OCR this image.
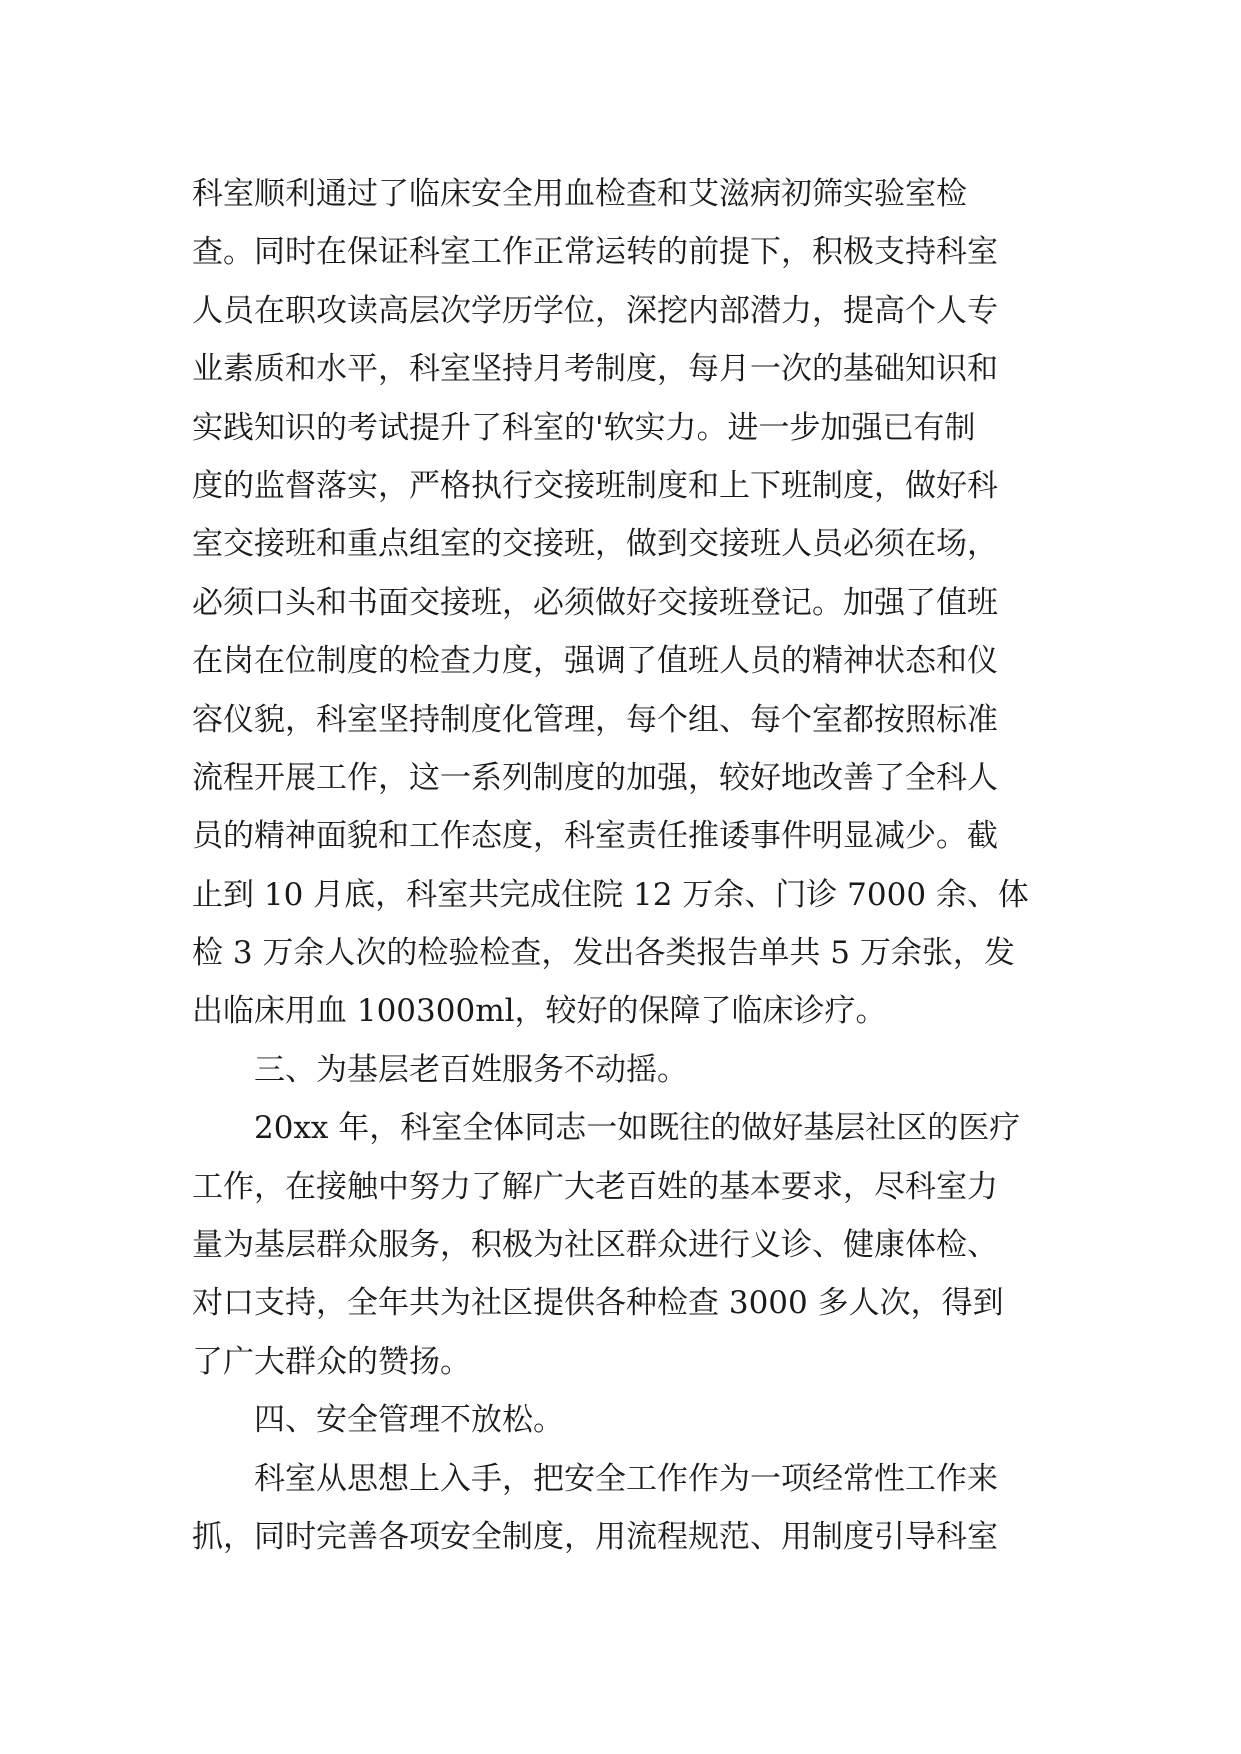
科室顺利通过了临床安全用血检查和艾滋病初筛实验室检
查。同时在保证科室工作正常运转的前提下，积极支持科室
人员在职攻读高层次学历学位，深挖内部潜力，提高个人专
业素质和水平，科室坚持月考制度，每月一次的基础知识和
实践知识的考试提升了科室的'软实力。进一步加强已有制
度的监督落实，严格执行交接班制度和上下班制度，做好科
室交接班和重点组室的交接班，做到交接班人员必须在场，
必须口头和书面交接班，必须做好交接班登记。加强了值班
在岗在位制度的检查力度，强调了值班人员的精神状态和仪
容仪貌，科室坚持制度化管理，每个组、每个室都按照标准
流程开展工作，这一系列制度的加强，较好地改善了全科人
员的精神面貌和工作态度，科室责任推诿事件明显减少。截
止到 10 月底，科室共完成住院 12 万余、门诊 7000 余、体
检 3 万余人次的检验检查，发出各类报告单共 5 万余张，发
出临床用血 100300ml，较好的保障了临床诊疗。
三、为基层老百姓服务不动摇。
20xx 年，科室全体同志一如既往的做好基层社区的医疗
工作，在接触中努力了解广大老百姓的基本要求，尽科室力
量为基层群众服务，积极为社区群众进行义诊、健康体检、
对口支持，全年共为社区提供各种检查 3000 多人次，得到
了广大群众的赞扬。
四、安全管理不放松。
科室从思想上入手，把安全工作作为一项经常性工作来
抓，同时完善各项安全制度，用流程规范、用制度引导科室
